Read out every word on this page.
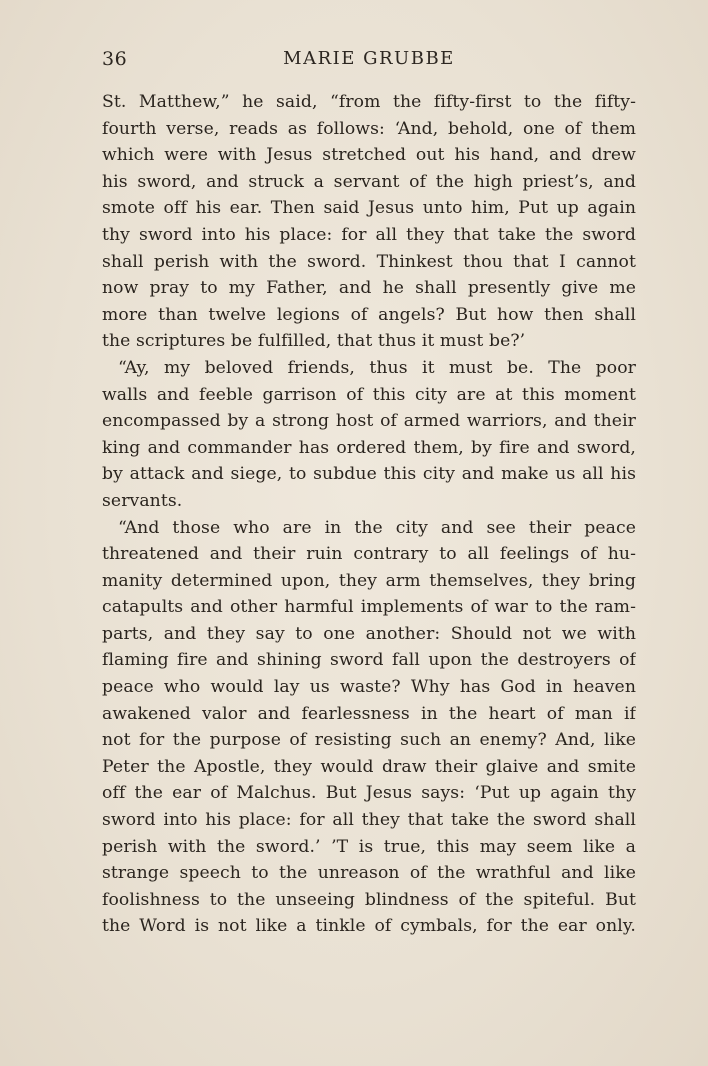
36	MARIE GRUBBE
St. Matthew,” he said, “from the fifty-first to the fifty-
fourth verse, reads as follows: ‘And, behold, one of them
which were with Jesus stretched out his hand, and drew
his sword, and struck a servant of the high priest’s, and
smote off his ear. Then said Jesus unto him, Put up again
thy sword into his place: for all they that take the sword
shall perish with the sword. Thinkest thou that I cannot
now pray to my Father, and he shall presently give me
more than twelve legions of angels? But how then shall
the scriptures be fulfilled, that thus it must be?’
“Ay, my beloved friends, thus it must be. The poor
walls and feeble garrison of this city are at this moment
encompassed by a strong host of armed warriors, and their
king and commander has ordered them, by fire and sword,
by attack and siege, to subdue this city and make us all his
servants.
“And those who are in the city and see their peace
threatened and their ruin contrary to all feelings of hu-
manity determined upon, they arm themselves, they bring
catapults and other harmful implements of war to the ram-
parts, and they say to one another: Should not we with
flaming fire and shining sword fall upon the destroyers of
peace who would lay us waste? Why has God in heaven
awakened valor and fearlessness in the heart of man if
not for the purpose of resisting such an enemy? And, like
Peter the Apostle, they would draw their glaive and smite
off the ear of Malchus. But Jesus says: ‘Put up again thy
sword into his place: for all they that take the sword shall
perish with the sword.’ ’T is true, this may seem like a
strange speech to the unreason of the wrathful and like
foolishness to the unseeing blindness of the spiteful. But
the Word is not like a tinkle of cymbals, for the ear only.
